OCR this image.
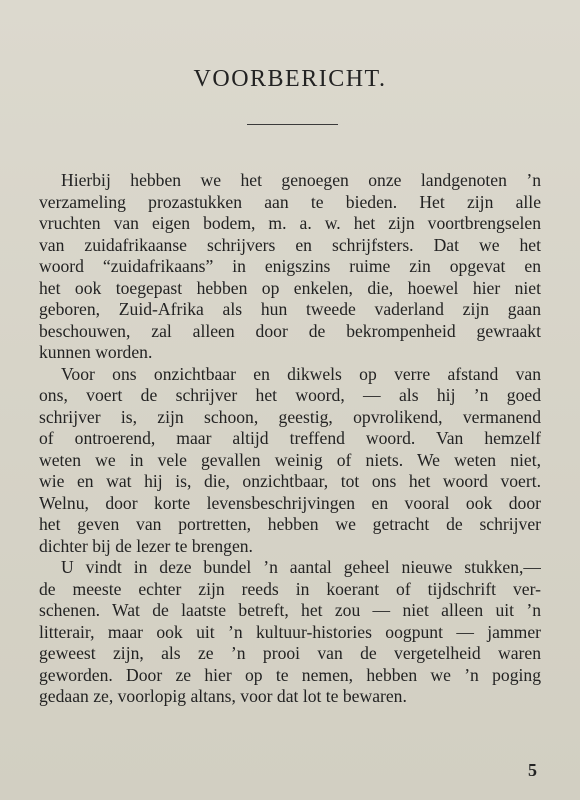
VOORBERICHT.

Hierbij hebben we het genoegen onze landgenoten ’n
verzameling prozastukken aan te bieden. Het zijn alle
vruchten van eigen bodem, m. a. w. het zijn voortbrengselen
van zuidafrikaanse schrijvers en schrijfsters. Dat we het
woord “zuidafrikaans” in enigszins ruime zin opgevat en
het ook toegepast hebben op enkelen, die, hoewel hier niet
geboren, Zuid-Afrika als hun tweede vaderland zijn gaan
beschouwen, zal alleen door de bekrompenheid gewraakt
kunnen worden.

Voor ons onzichtbaar en dikwels op verre afstand van
ons, voert de schrijver het woord, — als hij ’n goed
schrijver is, zijn schoon, geestig, opvrolikend, vermanend
of ontroerend, maar altijd treffend woord. Van hemzelf
weten we in vele gevallen weinig of niets. We weten niet,
wie en wat hij is, die, onzichtbaar, tot ons het woord voert.
Welnu, door korte levensbeschrijvingen en vooral ook door
het geven van portretten, hebben we getracht de schrijver
dichter bij de lezer te brengen.

U vindt in deze bundel ’n aantal geheel nieuwe stukken,—
de meeste echter zijn reeds in koerant of tijdschrift ver-
schenen. Wat de laatste betreft, het zou — niet alleen uit ’n
litterair, maar ook uit ’n kultuur-histories oogpunt — jammer
geweest zijn, als ze ’n prooi van de vergetelheid waren
geworden. Door ze hier op te nemen, hebben we ’n poging
gedaan ze, voorlopig altans, voor dat lot te bewaren.

5
